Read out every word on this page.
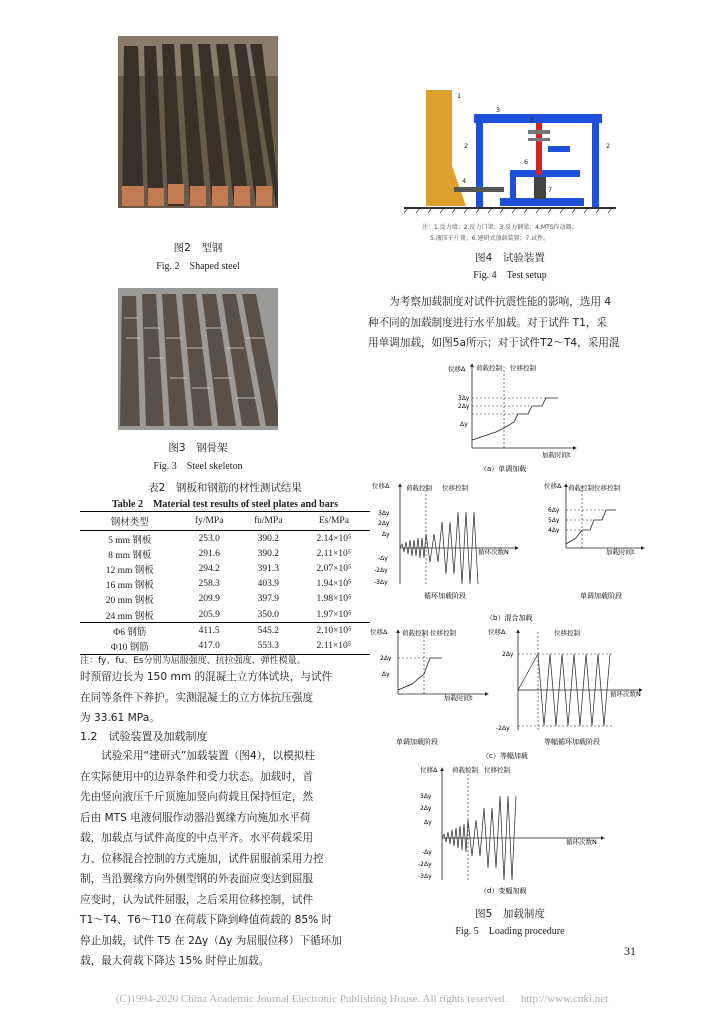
图2　型钢
Fig. 2　Shaped steel
图3　钢骨架
Fig. 3　Steel skeleton
表2　钢板和钢筋的材性测试结果
Table 2　Material test results of steel plates and bars
钢材类型	fy/MPa	fu/MPa	Es/MPa
5 mm 钢板	253.0	390.2	2.14×10⁵
8 mm 钢板	291.6	390.2	2.11×10⁵
12 mm 钢板	294.2	391.3	2.07×10⁵
16 mm 钢板	258.3	403.9	1.94×10⁵
20 mm 钢板	209.9	397.9	1.98×10⁵
24 mm 钢板	205.9	350.0	1.97×10⁵
Φ6 钢筋	411.5	545.2	2.10×10⁵
Φ10 钢筋	417.0	553.3	2.11×10⁵
注：fy、fu、Es分别为屈服强度、抗拉强度、弹性模量。

时预留边长为 150 mm 的混凝土立方体试块，与试件

在同等条件下养护。实测混凝土的立方体抗压强度

为 33.61 MPa。

1.2　试验装置及加载制度

　　试验采用“建研式”加载装置（图4），以模拟柱

在实际使用中的边界条件和受力状态。加载时，首

先由竖向液压千斤顶施加竖向荷载且保持恒定，然

后由 MTS 电液伺服作动器沿翼缘方向施加水平荷

载，加载点与试件高度的中点平齐。水平荷载采用

力、位移混合控制的方式施加，试件屈服前采用力控

制，当沿翼缘方向外侧型钢的外表面应变达到屈服

应变时，认为试件屈服，之后采用位移控制，试件

T1～T4、T6～T10 在荷载下降到峰值荷载的 85% 时

停止加载，试件 T5 在 2Δy（Δy 为屈服位移）下循环加

载，最大荷载下降达 15% 时停止加载。

1
3
2	2
5
6
4
7
注：1.反力墙；2.反力门架；3.反力钢梁；4.MTS作动器；
5.液压千斤顶；6.建研式加载装置；7.试件。
图4　试验装置
Fig. 4　Test setup

　　为考察加载制度对试件抗震性能的影响，选用 4

种不同的加载制度进行水平加载。对于试件 T1，采

用单调加载，如图5a所示；对于试件T2～T4，采用混

位移Δ 荷载控制 位移控制
3Δy
2Δy
Δy
加载时间t
（a）单调加载
位移Δ	荷载控制 位移控制
3Δy
2Δy
Δy
-Δy
-2Δy
-3Δy
循环次数N
循环加载阶段
位移Δ 荷载控制 位移控制
6Δy
5Δy
4Δy
加载时间t
单调加载阶段
（b）混合加载
位移Δ 荷载控制 位移控制
2Δy
Δy
加载时间t
单调加载阶段
位移Δ	位移控制
2Δy
-2Δy
循环次数N
等幅循环加载阶段
（c）等幅加载
位移Δ 荷载控制 位移控制
3Δy
2Δy
Δy
-Δy
-2Δy
-3Δy
循环次数N
（d）变幅加载
图5　加载制度
Fig. 5　Loading procedure
31
(C)1994-2020 China Academic Journal Electronic Publishing House. All rights reserved.　 http://www.cnki.net
